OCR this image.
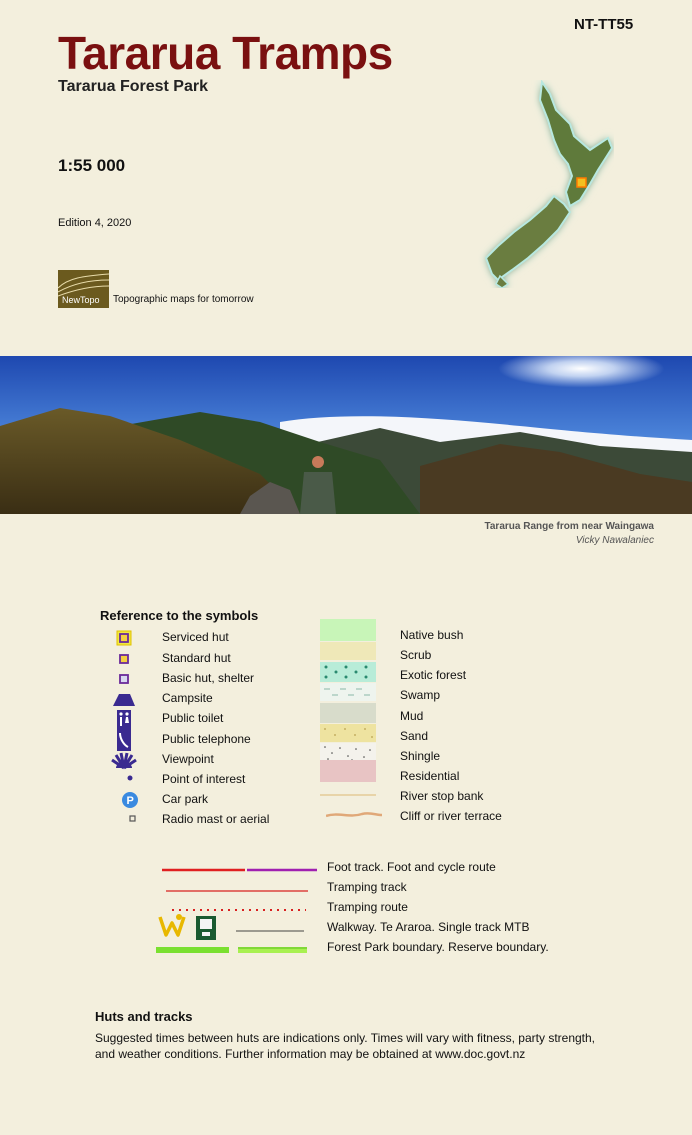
NT-TT55
Tararua Tramps
Tararua Forest Park
1:55 000
Edition 4, 2020
NewTopo Topographic maps for tomorrow
Tararua Range from near Waingawa
Vicky Nawalaniec
Reference to the symbols
Serviced hut
Standard hut
Basic hut, shelter
Campsite
Public toilet
Public telephone
Viewpoint
Point of interest
P Car park
Radio mast or aerial
Native bush
Scrub
Exotic forest
Swamp
Mud
Sand
Shingle
Residential
River stop bank
Cliff or river terrace
Foot track. Foot and cycle route
Tramping track
Tramping route
Walkway. Te Araroa. Single track MTB
Forest Park boundary. Reserve boundary.
Huts and tracks
Suggested times between huts are indications only. Times will vary with fitness, party strength, and weather conditions. Further information may be obtained at www.doc.govt.nz
